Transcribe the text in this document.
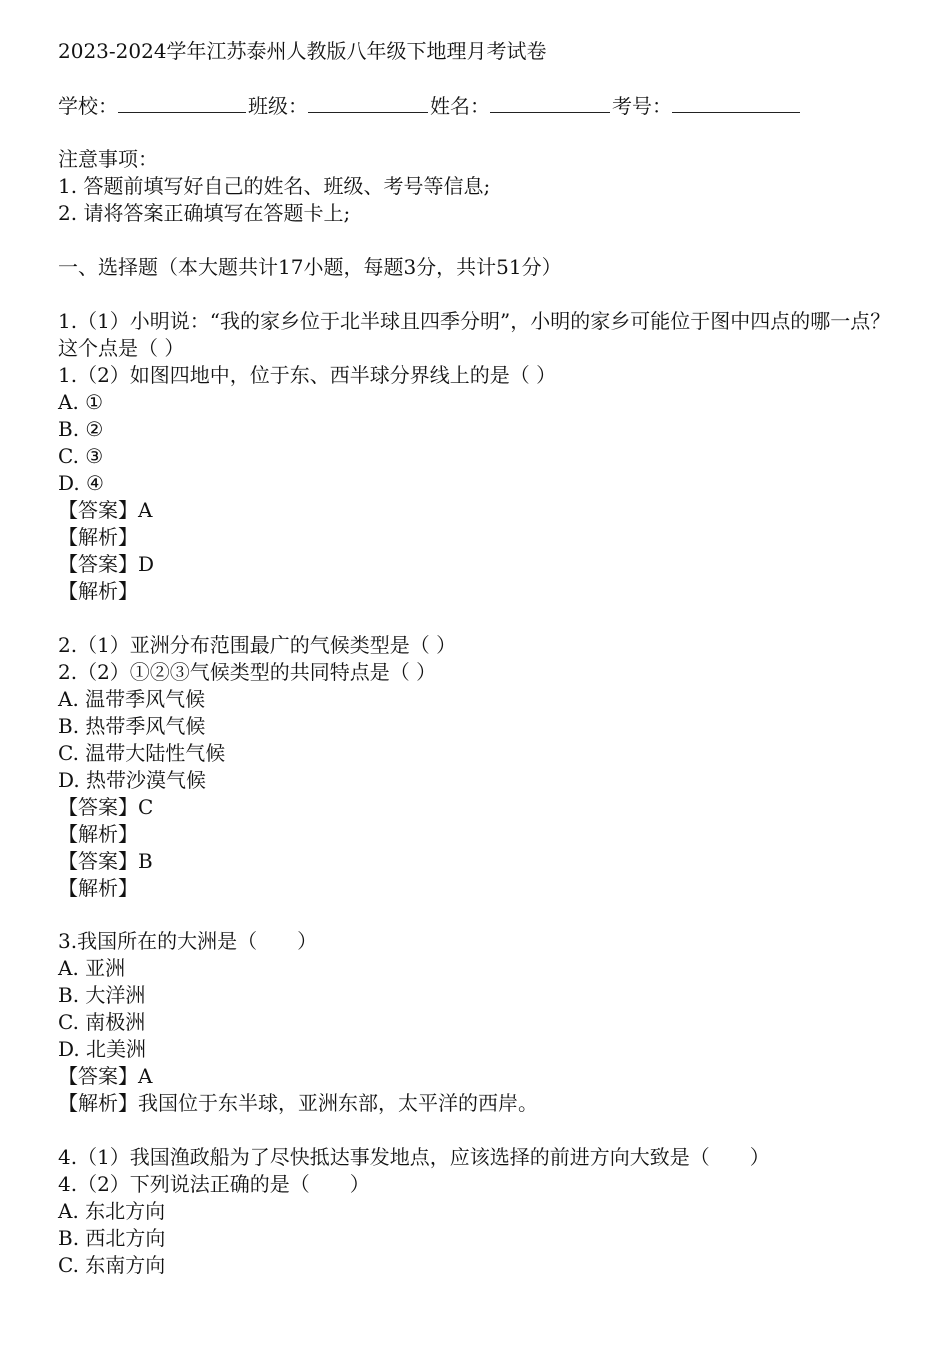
2023-2024学年江苏泰州人教版八年级下地理月考试卷
学校：	班级：	姓名：	考号：
注意事项：
1. 答题前填写好自己的姓名、班级、考号等信息;
2. 请将答案正确填写在答题卡上;
一、选择题（本大题共计17小题，每题3分，共计51分）
1.（1）小明说：“我的家乡位于北半球且四季分明”，小明的家乡可能位于图中四点的哪一点？这个点是（ ）
1.（2）如图四地中，位于东、西半球分界线上的是（ ）
A. ①
B. ②
C. ③
D. ④
【答案】A
【解析】
【答案】D
【解析】
2.（1）亚洲分布范围最广的气候类型是（ ）
2.（2）①②③气候类型的共同特点是（ ）
A. 温带季风气候
B. 热带季风气候
C. 温带大陆性气候
D. 热带沙漠气候
【答案】C
【解析】
【答案】B
【解析】
3.我国所在的大洲是（　　）
A. 亚洲
B. 大洋洲
C. 南极洲
D. 北美洲
【答案】A
【解析】我国位于东半球，亚洲东部，太平洋的西岸。
4.（1）我国渔政船为了尽快抵达事发地点，应该选择的前进方向大致是（　　）
4.（2）下列说法正确的是（　　）
A. 东北方向
B. 西北方向
C. 东南方向
